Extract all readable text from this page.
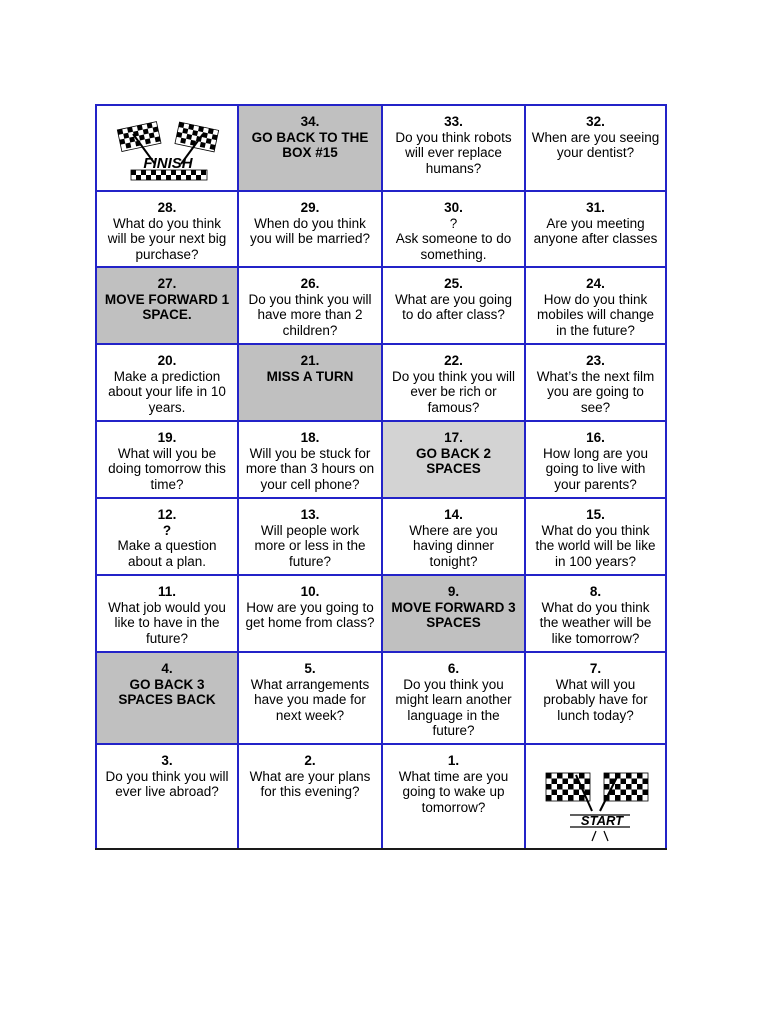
FINISH
34.
GO BACK TO THE BOX #15
33.
Do you think robots will ever replace humans?
32.
When are you seeing your dentist?
28.
What do you think will be your next big purchase?
29.
When do you think you will be married?
30.
?
Ask someone to do something.
31.
Are you meeting anyone after classes
27.
MOVE FORWARD 1 SPACE.
26.
Do you think you will have more than 2 children?
25.
What are you going to do after class?
24.
How do you think mobiles will change in the future?
20.
Make a prediction about your life in 10 years.
21.
MISS A TURN
22.
Do you think you will ever be rich or famous?
23.
What’s the next film you are going to see?
19.
What will you be doing tomorrow this time?
18.
Will you be stuck for more than 3 hours on your cell phone?
17.
GO BACK 2 SPACES
16.
How long are you going to live with your parents?
12.
?
Make a question about a plan.
13.
Will people work more or less in the future?
14.
Where are you having dinner tonight?
15.
What do you think the world will be like in 100 years?
11.
What job would you like to have in the future?
10.
How are you going to get home from class?
9.
MOVE FORWARD 3 SPACES
8.
What do you think the weather will be like tomorrow?
4.
GO BACK 3 SPACES BACK
5.
What arrangements have you made for next week?
6.
Do you think you might learn another language in the future?
7.
What will you probably have for lunch today?
3.
Do you think you will ever live abroad?
2.
What are your plans for this evening?
1.
What time are you going to wake up tomorrow?
START
